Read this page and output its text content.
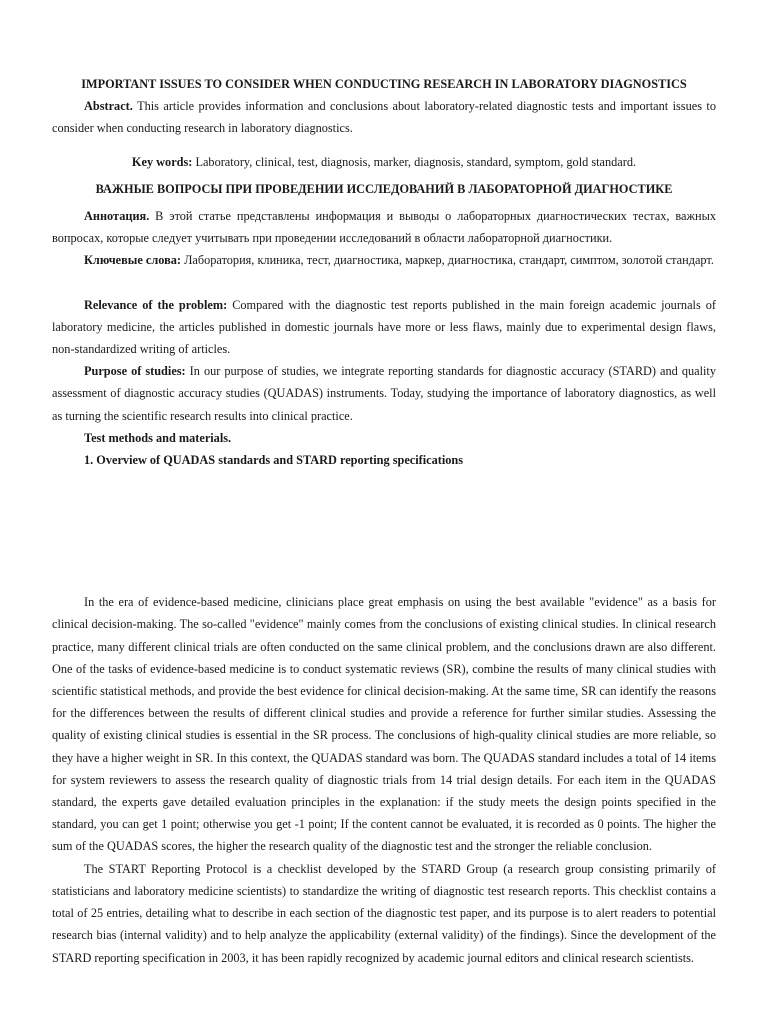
IMPORTANT ISSUES TO CONSIDER WHEN CONDUCTING RESEARCH IN LABORATORY DIAGNOSTICS

Abstract. This article provides information and conclusions about laboratory-related diagnostic tests and important issues to consider when conducting research in laboratory diagnostics.

Key words: Laboratory, clinical, test, diagnosis, marker, diagnosis, standard, symptom, gold standard.

ВАЖНЫЕ ВОПРОСЫ ПРИ ПРОВЕДЕНИИ ИССЛЕДОВАНИЙ В ЛАБОРАТОРНОЙ ДИАГНОСТИКЕ

Аннотация. В этой статье представлены информация и выводы о лабораторных диагностических тестах, важных вопросах, которые следует учитывать при проведении исследований в области лабораторной диагностики.

Ключевые слова: Лаборатория, клиника, тест, диагностика, маркер, диагностика, стандарт, симптом, золотой стандарт.

Relevance of the problem: Compared with the diagnostic test reports published in the main foreign academic journals of laboratory medicine, the articles published in domestic journals have more or less flaws, mainly due to experimental design flaws, non-standardized writing of articles.

Purpose of studies: In our purpose of studies, we integrate reporting standards for diagnostic accuracy (STARD) and quality assessment of diagnostic accuracy studies (QUADAS) instruments. Today, studying the importance of laboratory diagnostics, as well as turning the scientific research results into clinical practice.

Test methods and materials.

1. Overview of QUADAS standards and STARD reporting specifications

In the era of evidence-based medicine, clinicians place great emphasis on using the best available "evidence" as a basis for clinical decision-making. The so-called "evidence" mainly comes from the conclusions of existing clinical studies. In clinical research practice, many different clinical trials are often conducted on the same clinical problem, and the conclusions drawn are also different. One of the tasks of evidence-based medicine is to conduct systematic reviews (SR), combine the results of many clinical studies with scientific statistical methods, and provide the best evidence for clinical decision-making. At the same time, SR can identify the reasons for the differences between the results of different clinical studies and provide a reference for further similar studies. Assessing the quality of existing clinical studies is essential in the SR process. The conclusions of high-quality clinical studies are more reliable, so they have a higher weight in SR. In this context, the QUADAS standard was born. The QUADAS standard includes a total of 14 items for system reviewers to assess the research quality of diagnostic trials from 14 trial design details. For each item in the QUADAS standard, the experts gave detailed evaluation principles in the explanation: if the study meets the design points specified in the standard, you can get 1 point; otherwise you get -1 point; If the content cannot be evaluated, it is recorded as 0 points. The higher the sum of the QUADAS scores, the higher the research quality of the diagnostic test and the stronger the reliable conclusion.

The START Reporting Protocol is a checklist developed by the STARD Group (a research group consisting primarily of statisticians and laboratory medicine scientists) to standardize the writing of diagnostic test research reports. This checklist contains a total of 25 entries, detailing what to describe in each section of the diagnostic test paper, and its purpose is to alert readers to potential research bias (internal validity) and to help analyze the applicability (external validity) of the findings). Since the development of the STARD reporting specification in 2003, it has been rapidly recognized by academic journal editors and clinical research scientists.
